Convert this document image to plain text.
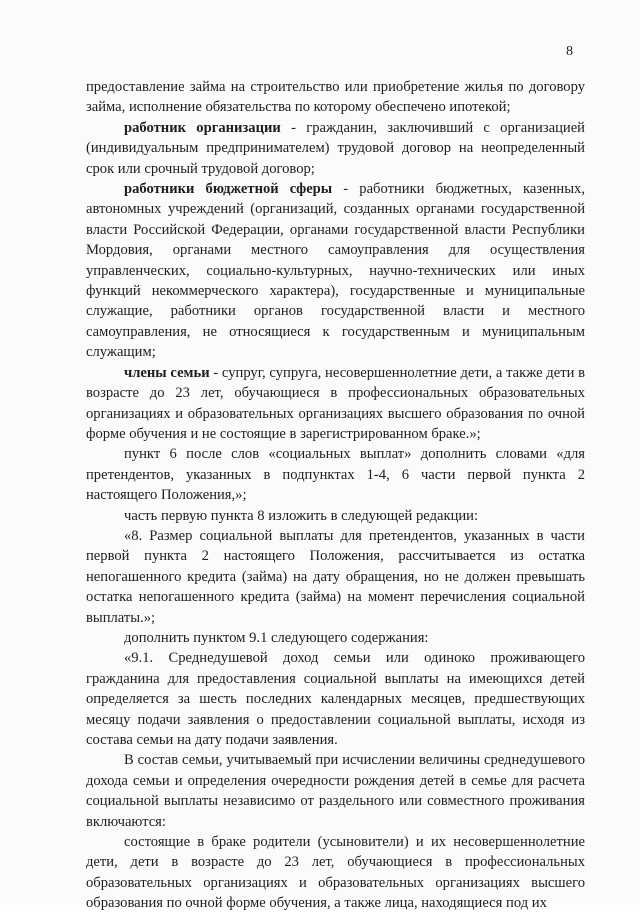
8

предоставление займа на строительство или приобретение жилья по договору займа, исполнение обязательства по которому обеспечено ипотекой;

работник организации - гражданин, заключивший с организацией (индивидуальным предпринимателем) трудовой договор на неопределенный срок или срочный трудовой договор;

работники бюджетной сферы - работники бюджетных, казенных, автономных учреждений (организаций, созданных органами государственной власти Российской Федерации, органами государственной власти Республики Мордовия, органами местного самоуправления для осуществления управленческих, социально-культурных, научно-технических или иных функций некоммерческого характера), государственные и муниципальные служащие, работники органов государственной власти и местного самоуправления, не относящиеся к государственным и муниципальным служащим;

члены семьи - супруг, супруга, несовершеннолетние дети, а также дети в возрасте до 23 лет, обучающиеся в профессиональных образовательных организациях и образовательных организациях высшего образования по очной форме обучения и не состоящие в зарегистрированном браке.»;

пункт 6 после слов «социальных выплат» дополнить словами «для претендентов, указанных в подпунктах 1-4, 6 части первой пункта 2 настоящего Положения,»;

часть первую пункта 8 изложить в следующей редакции:

«8. Размер социальной выплаты для претендентов, указанных в части первой пункта 2 настоящего Положения, рассчитывается из остатка непогашенного кредита (займа) на дату обращения, но не должен превышать остатка непогашенного кредита (займа) на момент перечисления социальной выплаты.»;

дополнить пунктом 9.1 следующего содержания:

«9.1. Среднедушевой доход семьи или одиноко проживающего гражданина для предоставления социальной выплаты на имеющихся детей определяется за шесть последних календарных месяцев, предшествующих месяцу подачи заявления о предоставлении социальной выплаты, исходя из состава семьи на дату подачи заявления.

В состав семьи, учитываемый при исчислении величины среднедушевого дохода семьи и определения очередности рождения детей в семье для расчета социальной выплаты независимо от раздельного или совместного проживания включаются:

состоящие в браке родители (усыновители) и их несовершеннолетние дети, дети в возрасте до 23 лет, обучающиеся в профессиональных образовательных организациях и образовательных организациях высшего образования по очной форме обучения, а также лица, находящиеся под их
